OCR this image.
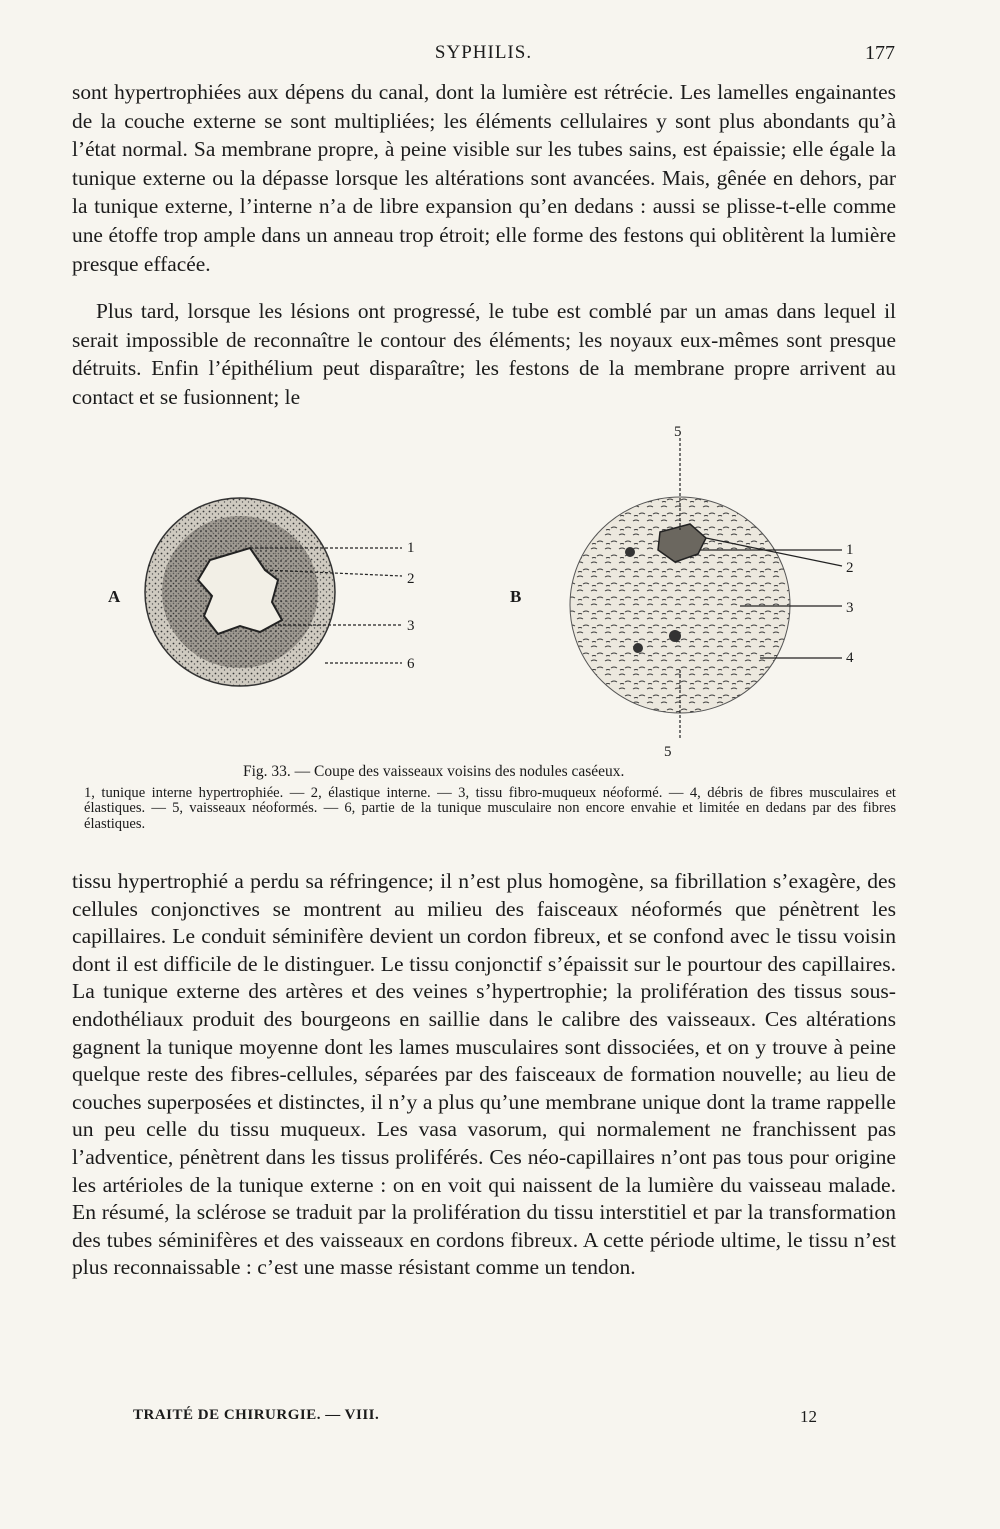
SYPHILIS.	177

sont hypertrophiées aux dépens du canal, dont la lumière est rétrécie. Les lamelles engainantes de la couche externe se sont multipliées; les éléments cellulaires y sont plus abondants qu’à l’état normal. Sa membrane propre, à peine visible sur les tubes sains, est épaissie; elle égale la tunique externe ou la dépasse lorsque les altérations sont avancées. Mais, gênée en dehors, par la tunique externe, l’interne n’a de libre expansion qu’en dedans : aussi se plisse-t-elle comme une étoffe trop ample dans un anneau trop étroit; elle forme des festons qui oblitèrent la lumière presque effacée.

Plus tard, lorsque les lésions ont progressé, le tube est comblé par un amas dans lequel il serait impossible de reconnaître le contour des éléments; les noyaux eux-mêmes sont presque détruits. Enfin l’épithélium peut disparaître; les festons de la membrane propre arrivent au contact et se fusionnent; le

A
1
2
3
6
B
5
5
1
2
3
4

Fig. 33. — Coupe des vaisseaux voisins des nodules caséeux.

1, tunique interne hypertrophiée. — 2, élastique interne. — 3, tissu fibro-muqueux néoformé. — 4, débris de fibres musculaires et élastiques. — 5, vaisseaux néoformés. — 6, partie de la tunique musculaire non encore envahie et limitée en dedans par des fibres élastiques.

tissu hypertrophié a perdu sa réfringence; il n’est plus homogène, sa fibrillation s’exagère, des cellules conjonctives se montrent au milieu des faisceaux néoformés que pénètrent les capillaires. Le conduit séminifère devient un cordon fibreux, et se confond avec le tissu voisin dont il est difficile de le distinguer. Le tissu conjonctif s’épaissit sur le pourtour des capillaires. La tunique externe des artères et des veines s’hypertrophie; la prolifération des tissus sous-endothéliaux produit des bourgeons en saillie dans le calibre des vaisseaux. Ces altérations gagnent la tunique moyenne dont les lames musculaires sont dissociées, et on y trouve à peine quelque reste des fibres-cellules, séparées par des faisceaux de formation nouvelle; au lieu de couches superposées et distinctes, il n’y a plus qu’une membrane unique dont la trame rappelle un peu celle du tissu muqueux. Les vasa vasorum, qui normalement ne franchissent pas l’adventice, pénètrent dans les tissus proliférés. Ces néo-capillaires n’ont pas tous pour origine les artérioles de la tunique externe : on en voit qui naissent de la lumière du vaisseau malade. En résumé, la sclérose se traduit par la prolifération du tissu interstitiel et par la transformation des tubes séminifères et des vaisseaux en cordons fibreux. A cette période ultime, le tissu n’est plus reconnaissable : c’est une masse résistant comme un tendon.

TRAITÉ DE CHIRURGIE. — VIII.	12
